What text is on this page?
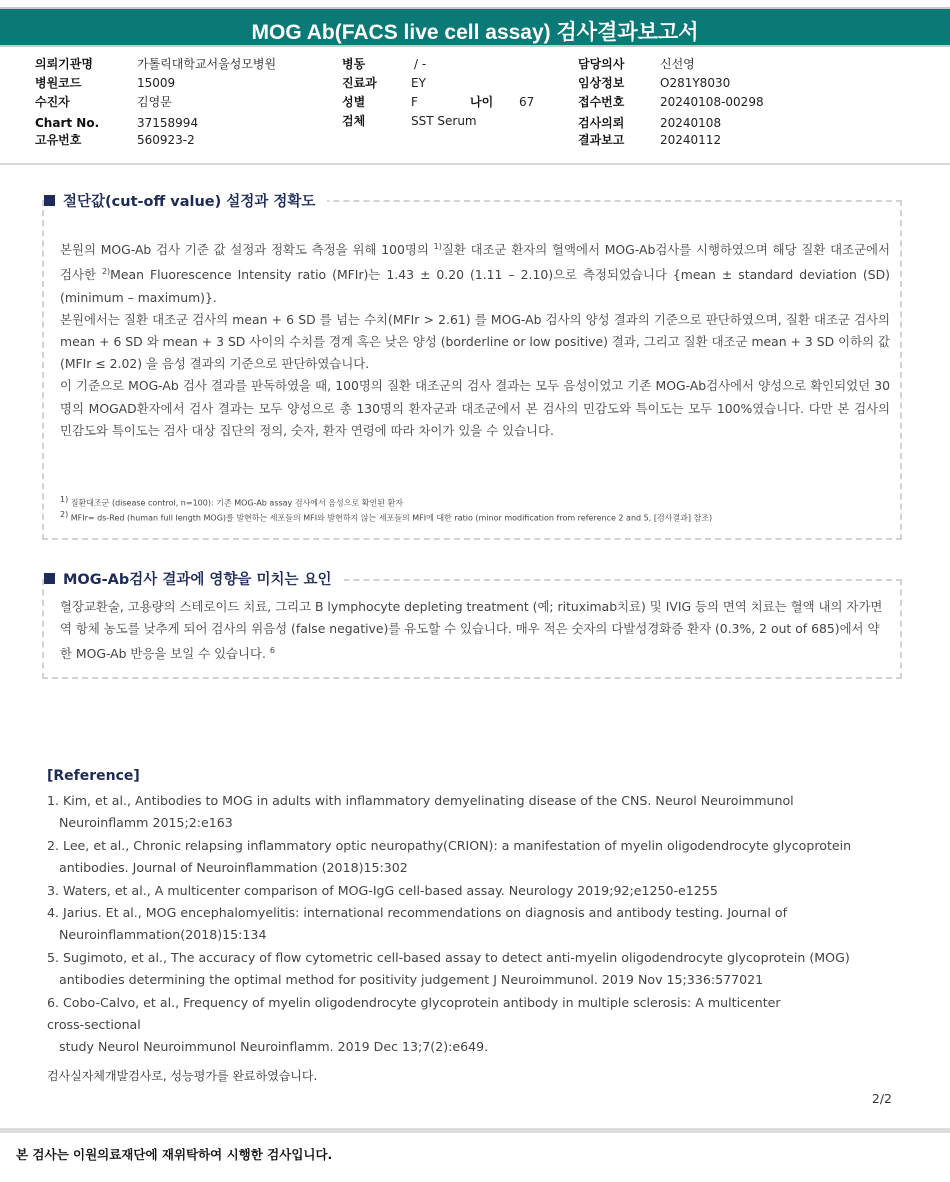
MOG Ab(FACS live cell assay) 검사결과보고서
의뢰기관명	가톨릭대학교서울성모병원
병원코드	15009
수진자	김영문
Chart No.	37158994
고유번호	560923-2
병동	/ -
진료과	EY
성별	F	나이 67
검체	SST Serum
담당의사	신선영
임상정보	O281Y8030
접수번호	20240108-00298
검사의뢰	20240108
결과보고	20240112
절단값(cut-off value) 설정과 정확도

본원의 MOG-Ab 검사 기준 값 설정과 정확도 측정을 위해 100명의 $^{1)}$질환 대조군 환자의 혈액에서 MOG-Ab검사를 시행하였으며 해당 질환 대조군에서 검사한 $^{2)}$Mean Fluorescence Intensity ratio (MFIr)는 1.43 ± 0.20 (1.11 – 2.10)으로 측정되었습니다 {mean ± standard deviation (SD) (minimum – maximum)}.

본원에서는 질환 대조군 검사의 mean + 6 SD 를 넘는 수치(MFIr > 2.61) 를 MOG-Ab 검사의 양성 결과의 기준으로 판단하였으며, 질환 대조군 검사의 mean + 6 SD 와 mean + 3 SD 사이의 수치를 경계 혹은 낮은 양성 (borderline or low positive) 결과, 그리고 질환 대조군 mean + 3 SD 이하의 값 (MFIr ≤ 2.02) 을 음성 결과의 기준으로 판단하였습니다.

이 기준으로 MOG-Ab 검사 결과를 판독하였을 때, 100명의 질환 대조군의 검사 결과는 모두 음성이었고 기존 MOG-Ab검사에서 양성으로 확인되었던 30명의 MOGAD환자에서 검사 결과는 모두 양성으로 총 130명의 환자군과 대조군에서 본 검사의 민감도와 특이도는 모두 100%였습니다. 다만 본 검사의 민감도와 특이도는 검사 대상 집단의 정의, 숫자, 환자 연령에 따라 차이가 있을 수 있습니다.

$^{1)}$ 질환대조군 (disease control, n=100): 기존 MOG-Ab assay 검사에서 음성으로 확인된 환자
$^{2)}$ MFIr= ds-Red (human full length MOG)를 발현하는 세포들의 MFI와 발현하지 않는 세포들의 MFI에 대한 ratio (minor modification from reference 2 and 5, [검사결과] 참조)
MOG-Ab검사 결과에 영향을 미치는 요인
혈장교환술, 고용량의 스테로이드 치료, 그리고 B lymphocyte depleting treatment (예; rituximab치료) 및 IVIG 등의 면역 치료는 혈액 내의 자가면역 항체 농도를 낮추게 되어 검사의 위음성 (false negative)를 유도할 수 있습니다. 매우 적은 숫자의 다발성경화증 환자 (0.3%, 2 out of 685)에서 약한 MOG-Ab 반응을 보일 수 있습니다. $^6$
[Reference]
1. Kim, et al., Antibodies to MOG in adults with inflammatory demyelinating disease of the CNS. Neurol Neuroimmunol
Neuroinflamm 2015;2:e163
2. Lee, et al., Chronic relapsing inflammatory optic neuropathy(CRION): a manifestation of myelin oligodendrocyte glycoprotein
antibodies. Journal of Neuroinflammation (2018)15:302
3. Waters, et al., A multicenter comparison of MOG-IgG cell-based assay. Neurology 2019;92;e1250-e1255
4. Jarius. Et al., MOG encephalomyelitis: international recommendations on diagnosis and antibody testing. Journal of
Neuroinflammation(2018)15:134
5. Sugimoto, et al., The accuracy of flow cytometric cell-based assay to detect anti-myelin oligodendrocyte glycoprotein (MOG)
antibodies determining the optimal method for positivity judgement J Neuroimmunol. 2019 Nov 15;336:577021
6. Cobo-Calvo, et al., Frequency of myelin oligodendrocyte glycoprotein antibody in multiple sclerosis: A multicenter
cross-sectional
study Neurol Neuroimmunol Neuroinflamm. 2019 Dec 13;7(2):e649.
검사실자체개발검사로, 성능평가를 완료하였습니다.
2/2
본 검사는 이원의료재단에 재위탁하여 시행한 검사입니다.
